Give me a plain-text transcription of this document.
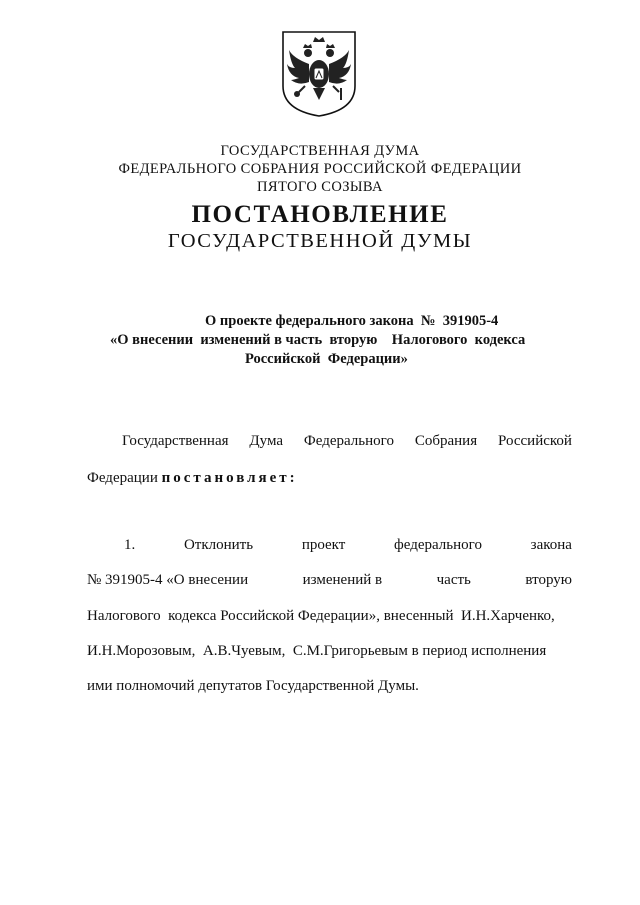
ГОСУДАРСТВЕННАЯ ДУМА
ФЕДЕРАЛЬНОГО СОБРАНИЯ РОССИЙСКОЙ ФЕДЕРАЦИИ
ПЯТОГО СОЗЫВА
ПОСТАНОВЛЕНИЕ
ГОСУДАРСТВЕННОЙ ДУМЫ
О проекте федерального закона  №  391905-4
«О внесении  изменений в часть  вторую    Налогового  кодекса
Российской  Федерации»
Государственная Дума Федерального Собрания Российской
Федерации постановляет:
1.	Отклонить	проект	федерального	закона
№ 391905-4 «О внесении	изменений в	часть	вторую
Налогового  кодекса Российской Федерации», внесенный  И.Н.Харченко,
И.Н.Морозовым,  А.В.Чуевым,  С.М.Григорьевым в период исполнения
ими полномочий депутатов Государственной Думы.
